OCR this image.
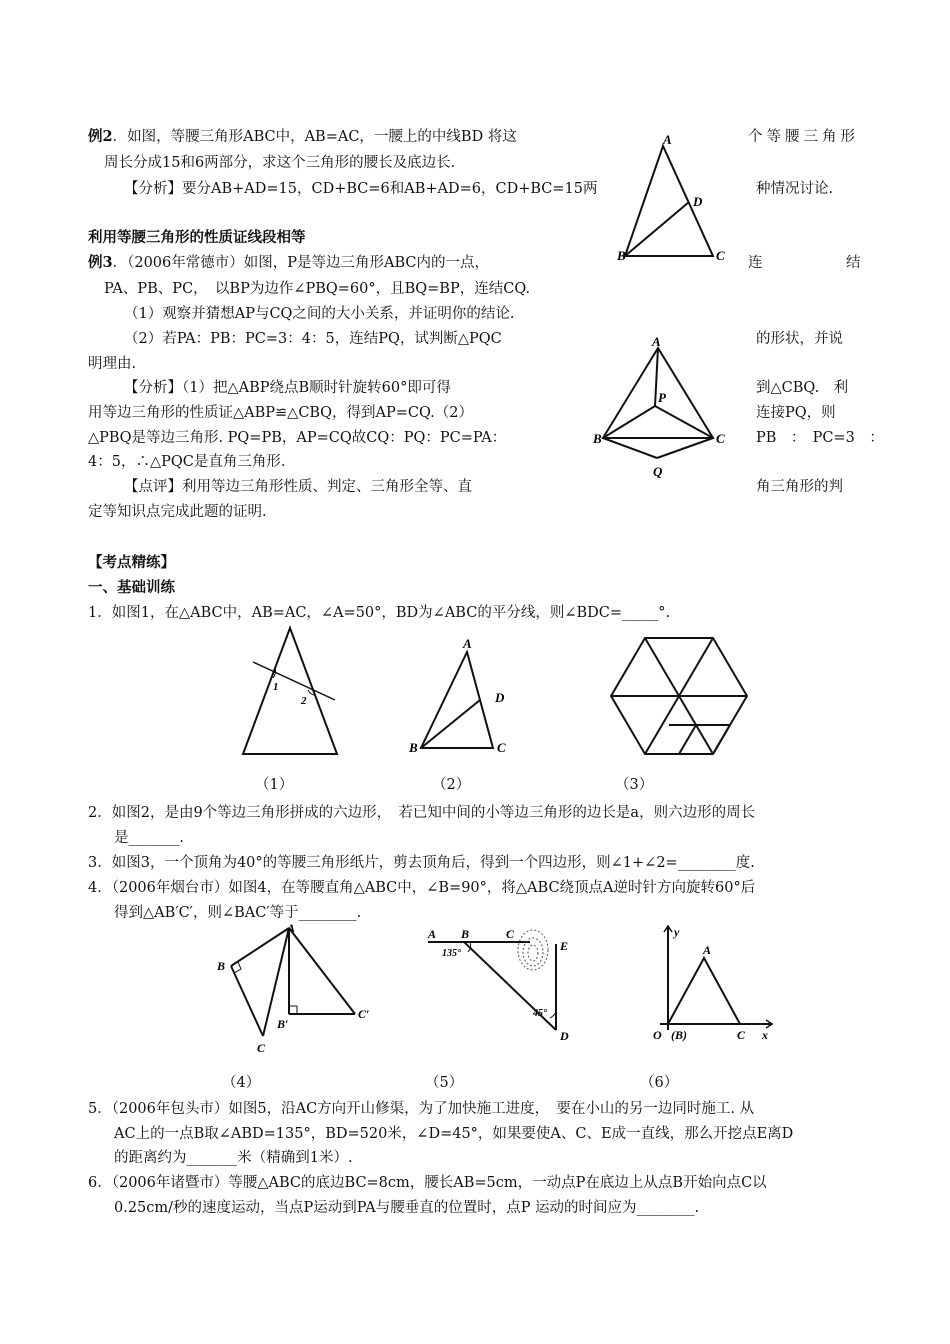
例2．如图，等腰三角形ABC中，AB=AC，一腰上的中线BD 将这	个等腰三角形
周长分成15和6两部分，求这个三角形的腰长及底边长.
【分析】要分AB+AD=15，CD+BC=6和AB+AD=6，CD+BC=15两	种情况讨论.
利用等腰三角形的性质证线段相等
例3．（2006年常德市）如图，P是等边三角形ABC内的一点，	连	结
PA、PB、PC，　以BP为边作∠PBQ=60°，且BQ=BP，连结CQ.
（1）观察并猜想AP与CQ之间的大小关系，并证明你的结论.
（2）若PA：PB：PC=3：4：5，连结PQ，试判断△PQC	的形状，并说
明理由.
【分析】（1）把△ABP绕点B顺时针旋转60°即可得	到△CBQ.　利
用等边三角形的性质证△ABP≌△CBQ，得到AP=CQ.（2）	连接PQ，则
△PBQ是等边三角形. PQ=PB，AP=CQ故CQ：PQ：PC=PA：	PB　：　PC=3　：
4：5，∴△PQC是直角三角形.
【点评】利用等边三角形性质、判定、三角形全等、直	角三角形的判
定等知识点完成此题的证明.
A
B	C
D
A
B	C
P
Q
【考点精练】
一、基础训练
1．如图1，在△ABC中，AB=AC，∠A=50°，BD为∠ABC的平分线，则∠BDC=_____°.
1
2
A
B	C
D
（1）	（2）	（3）
2．如图2，是由9个等边三角形拼成的六边形，　若已知中间的小等边三角形的边长是a，则六边形的周长
是_______.
3．如图3，一个顶角为40°的等腰三角形纸片，剪去顶角后，得到一个四边形，则∠1+∠2=________度.
4．（2006年烟台市）如图4，在等腰直角△ABC中，∠B=90°，将△ABC绕顶点A逆时针方向旋转60°后
得到△AB′C′，则∠BAC′等于________.
A
B
C
B′
C′
A B	C
E
D
135°
45°
y
A
O (B)	C x
（4）	（5）	（6）
5．（2006年包头市）如图5，沿AC方向开山修渠，为了加快施工进度，　要在小山的另一边同时施工. 从
AC上的一点B取∠ABD=135°，BD=520米，∠D=45°，如果要使A、C、E成一直线，那么开挖点E离D
的距离约为_______米（精确到1米）.
6．（2006年诸暨市）等腰△ABC的底边BC=8cm，腰长AB=5cm，一动点P在底边上从点B开始向点C以
0.25cm/秒的速度运动，当点P运动到PA与腰垂直的位置时，点P 运动的时间应为________.
